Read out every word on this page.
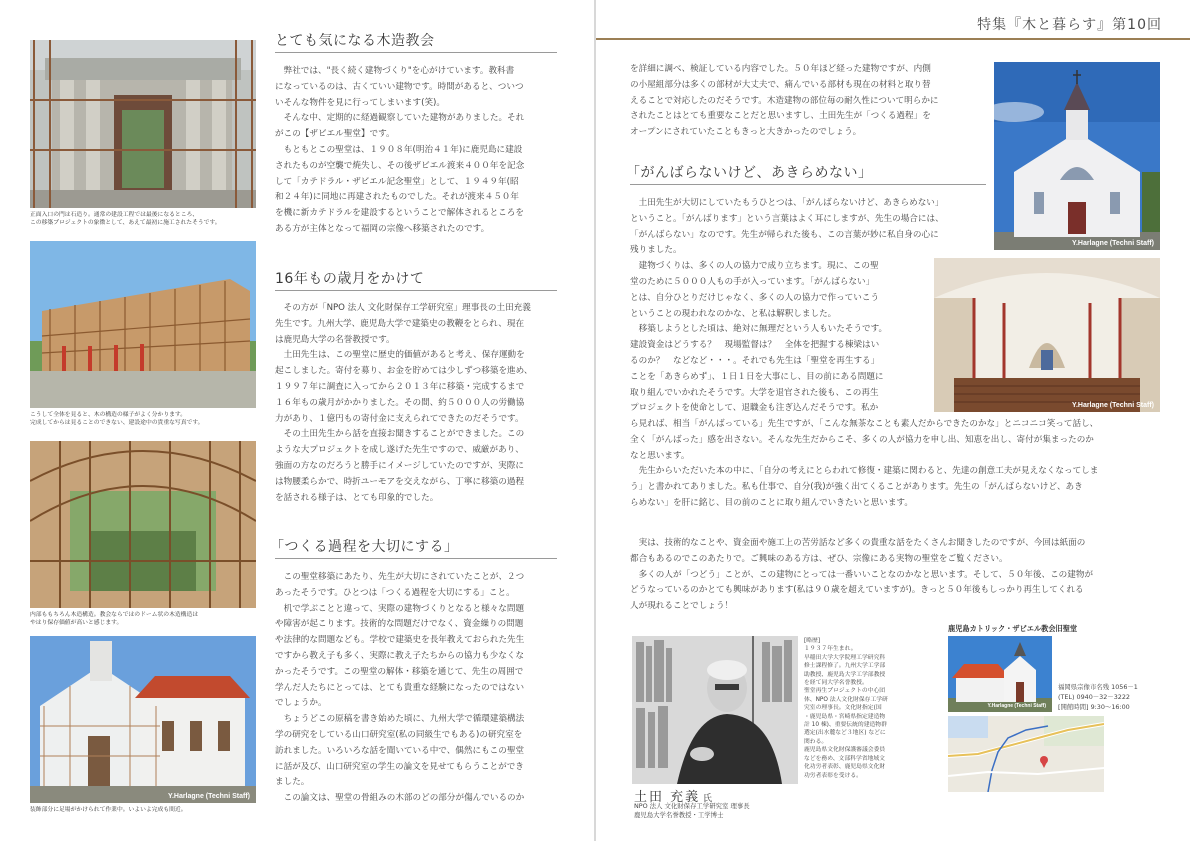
正面入口の門は石造り。通常の建設工程では最後になるところ、
この移築プロジェクトの象徴として、あえて最初に施工されたそうです。
こうして全体を見ると、木の構造の様子がよく分かります。
完成してからは見ることのできない、建設途中の貴重な写真です。
内部ももちろん木造構造。教会ならではのドーム状の木造構造は
やはり保存価値が高いと感じます。
Y.Harlagne (Techni Staff)
装飾部分に足場がかけられて作業中。いよいよ完成も間近。
とても気になる木造教会
弊社では、"長く続く建物づくり"を心がけています。教科書
になっているのは、古くていい建物です。時間があると、ついつ
いそんな物件を見に行ってしまいます(笑)。
そんな中、定期的に経過観察していた建物がありました。それ
がこの【ザビエル聖堂】です。
もともとこの聖堂は、１９０８年(明治４１年)に鹿児島に建設
されたものが空襲で焼失し、その後ザビエル渡来４００年を記念
して「カテドラル・ザビエル記念聖堂」として、１９４９年(昭
和２４年)に同地に再建されたものでした。それが渡来４５０年
を機に新カテドラルを建設するということで解体されるところを
ある方が主体となって福岡の宗像へ移築されたのです。
16年もの歳月をかけて
その方が「NPO 法人 文化財保存工学研究室」理事長の土田充義
先生です。九州大学、鹿児島大学で建築史の教鞭をとられ、現在
は鹿児島大学の名誉教授です。
土田先生は、この聖堂に歴史的価値があると考え、保存運動を
起こしました。寄付を募り、お金を貯めては少しずつ移築を進め、
１９９７年に調査に入ってから２０１３年に移築・完成するまで
１６年もの歳月がかかりました。その間、約５０００人の労働協
力があり、１億円もの寄付金に支えられてできたのだそうです。
その土田先生から話を直接お聞きすることができました。この
ような大プロジェクトを成し遂げた先生ですので、威厳があり、
強面の方なのだろうと勝手にイメージしていたのですが、実際に
は物腰柔らかで、時折ユーモアを交えながら、丁寧に移築の過程
を話される様子は、とても印象的でした。
「つくる過程を大切にする」
この聖堂移築にあたり、先生が大切にされていたことが、２つ
あったそうです。ひとつは「つくる過程を大切にする」こと。
机で学ぶことと違って、実際の建物づくりとなると様々な問題
や障害が起こります。技術的な問題だけでなく、資金繰りの問題
や法律的な問題なども。学校で建築史を長年教えておられた先生
ですから教え子も多く、実際に教え子たちからの協力も少なくな
かったそうです。この聖堂の解体・移築を通じて、先生の周囲で
学んだ人たちにとっては、とても貴重な経験になったのではない
でしょうか。
ちょうどこの原稿を書き始めた頃に、九州大学で循環建築構法
学の研究をしている山口研究室(私の同級生でもある)の研究室を
訪れました。いろいろな話を聞いている中で、偶然にもこの聖堂
に話が及び、山口研究室の学生の論文を見せてもらうことができ
ました。
この論文は、聖堂の骨組みの木部のどの部分が傷んでいるのか
特集『木と暮らす』第10回
を詳細に調べ、検証している内容でした。５０年ほど経った建物ですが、内側
の小屋組部分は多くの部材が大丈夫で、痛んでいる部材も現在の材料と取り替
えることで対応したのだそうです。木造建物の部位毎の耐久性について明らかに
されたことはとても重要なことだと思いますし、土田先生が「つくる過程」を
オープンにされていたこともきっと大きかったのでしょう。
Y.Harlagne (Techni Staff)
「がんばらないけど、あきらめない」
土田先生が大切にしていたもうひとつは、「がんばらないけど、あきらめない」
ということ。「がんばります」という言葉はよく耳にしますが、先生の場合には、
「がんばらない」なのです。先生が帰られた後も、この言葉が妙に私自身の心に
残りました。
建物づくりは、多くの人の協力で成り立ちます。現に、この聖
堂のために５０００人もの手が入っています。「がんばらない」
とは、自分ひとりだけじゃなく、多くの人の協力で作っていこう
ということの現われなのかな、と私は解釈しました。
移築しようとした頃は、絶対に無理だという人もいたそうです。
建設資金はどうする？　現場監督は？　全体を把握する棟梁はい
るのか？　などなど・・・。それでも先生は「聖堂を再生する」
ことを「あきらめず」、１日１日を大事にし、目の前にある問題に
取り組んでいかれたそうです。大学を退官された後も、この再生
プロジェクトを使命として、退職金も注ぎ込んだそうです。私か	Y.Harlagne (Techni Staff)
ら見れば、相当「がんばっている」先生ですが、「こんな無茶なことも素人だからできたのかな」とニコニコ笑って話し、
全く「がんばった」感を出さない。そんな先生だからこそ、多くの人が協力を申し出、知恵を出し、寄付が集まったのか
なと思います。
先生からいただいた本の中に、「自分の考えにとらわれて修復・建築に関わると、先達の創意工夫が見えなくなってしま
う」と書かれてありました。私も仕事で、自分(我)が強く出てくることがあります。先生の「がんばらないけど、あき
らめない」を肝に銘じ、目の前のことに取り組んでいきたいと思います。
実は、技術的なことや、資金面や施工上の苦労話など多くの貴重な話をたくさんお聞きしたのですが、今回は紙面の
都合もあるのでこのあたりで。ご興味のある方は、ぜひ、宗像にある実物の聖堂をご覧ください。
多くの人が「つどう」ことが、この建物にとっては一番いいことなのかなと思います。そして、５０年後、この建物が
どうなっているのかとても興味があります(私は９０歳を超えていますが)。きっと５０年後もしっかり再生してくれる
人が現れることでしょう！
土田 充義 氏
NPO 法人 文化財保存工学研究室 理事長
鹿児島大学名誉教授・工学博士
[略歴]
１９３７年生まれ。
早稲田大学大学院理工学研究科
修士課程修了。九州大学工学部
助教授、鹿児島大学工学部教授
を経て同大学名誉教授。
聖堂再生プロジェクトの中心団
体、NPO 法人文化財保存工学研
究室の理事長。文化財指定(国
・鹿児島県・宮崎県指定建造物
計 10 棟)、重要伝統的建造物群
選定(出水麓など３地区) などに
関わる。
鹿児島県文化財保護審議会委員
などを務め、文部科学省地域文
化功労者表彰、鹿児島県文化財
功労者表彰を受ける。
鹿児島カトリック・ザビエル教会旧聖堂
Y.Harlagne (Techni Staff)
福岡県宗像市名残 1056－1
(TEL) 0940－32－3222
[開館時間] 9:30～16:00
